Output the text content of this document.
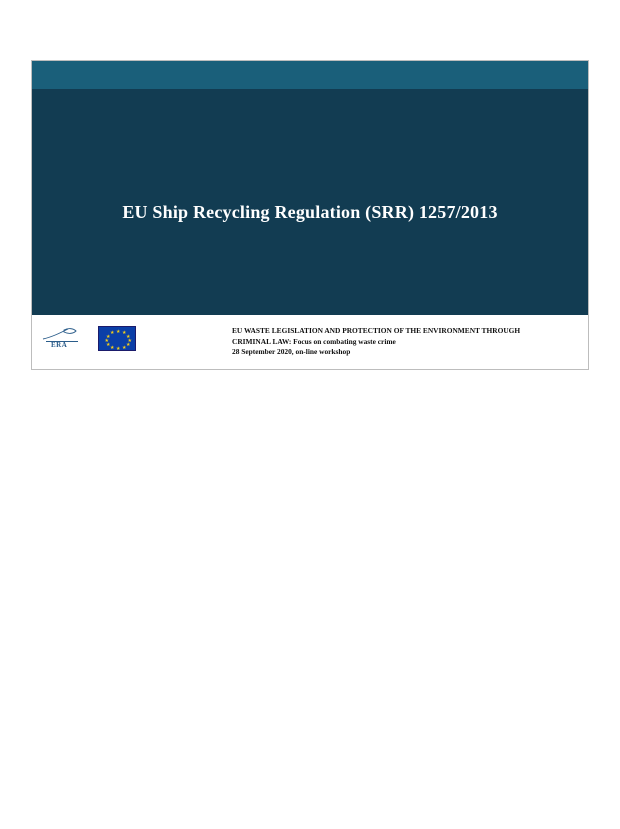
EU Ship Recycling Regulation (SRR) 1257/2013
ERA
★ ★
★
★
★
★
★
★
★
★
★
★	EU WASTE LEGISLATION AND PROTECTION OF THE ENVIRONMENT THROUGH
CRIMINAL LAW: Focus on combating waste crime
28 September 2020, on-line workshop
